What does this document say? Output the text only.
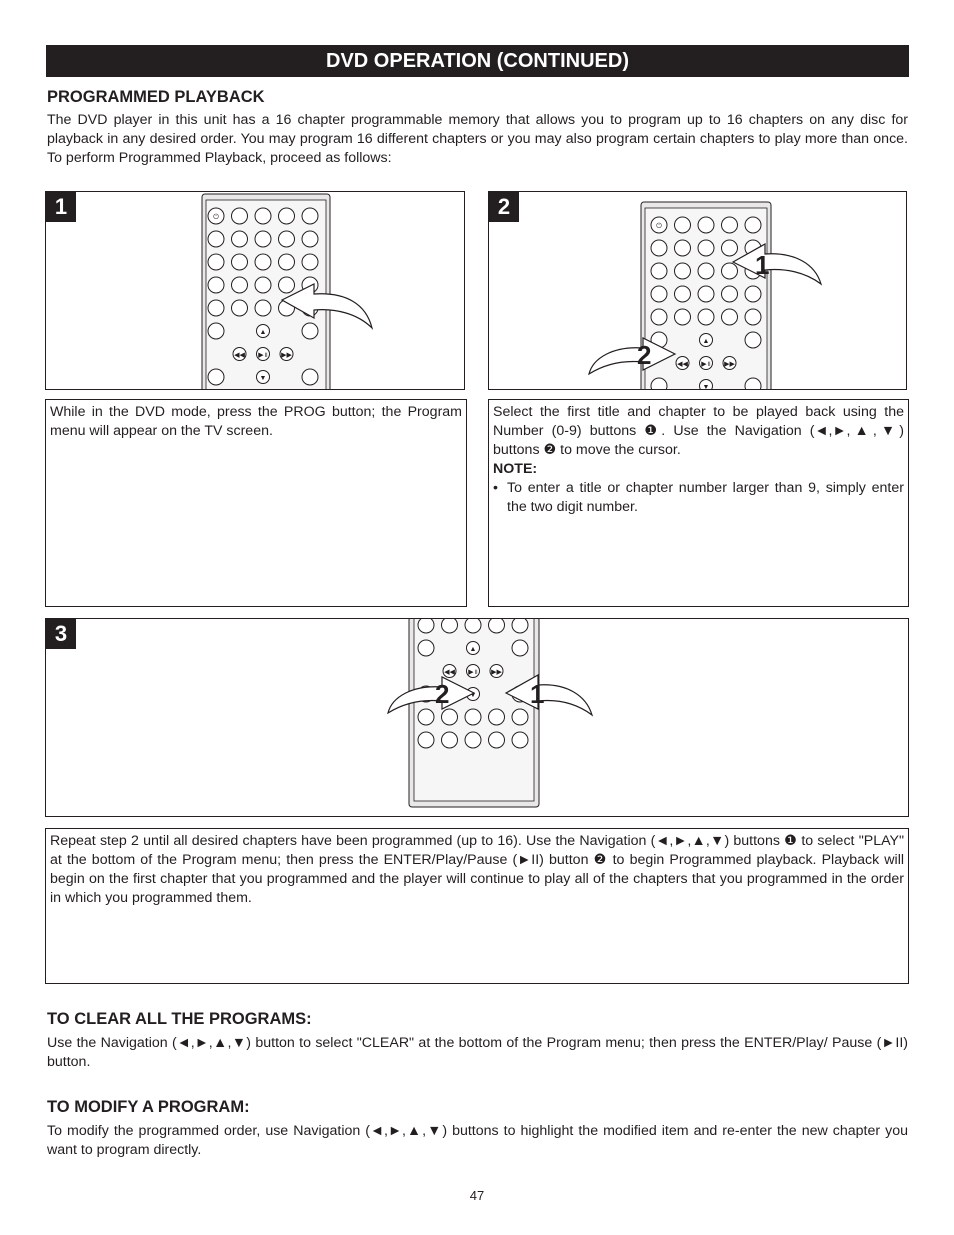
DVD OPERATION (CONTINUED)
PROGRAMMED PLAYBACK
The DVD player in this unit has a 16 chapter programmable memory that allows you to program up to 16 chapters on any disc for playback in any desired order. You may program 16 different chapters or you may also program certain chapters to play more than once. To perform Programmed Playback, proceed as follows:
1	⏻
▲
◀◀ ▶॥ ▶▶
▼
2
⏻
▲
◀◀ ▶॥ ▶▶
▼
1
2
While in the DVD mode, press the PROG button; the Program menu will appear on the TV screen.
Select the first title and chapter to be played back using the Number (0-9) buttons ❶. Use the Navigation (◄,►,▲,▼) buttons ❷ to move the cursor.
NOTE:
• To enter a title or chapter number larger than 9, simply enter the two digit number.
3
▲
◀◀ ▶॥ ▶▶
▼ 1
2
Repeat step 2 until all desired chapters have been programmed (up to 16). Use the Navigation (◄,►,▲,▼) buttons ❶ to select "PLAY" at the bottom of the Program menu; then press the ENTER/Play/Pause (►II) button ❷ to begin Programmed playback. Playback will begin on the first chapter that you programmed and the player will continue to play all of the chapters that you programmed in the order in which you programmed them.
TO CLEAR ALL THE PROGRAMS:
Use the Navigation (◄,►,▲,▼) button to select "CLEAR" at the bottom of the Program menu; then press the ENTER/Play/ Pause (►II) button.
TO MODIFY A PROGRAM:
To modify the programmed order, use Navigation (◄,►,▲,▼) buttons to highlight the modified item and re-enter the new chapter you want to program directly.
47
